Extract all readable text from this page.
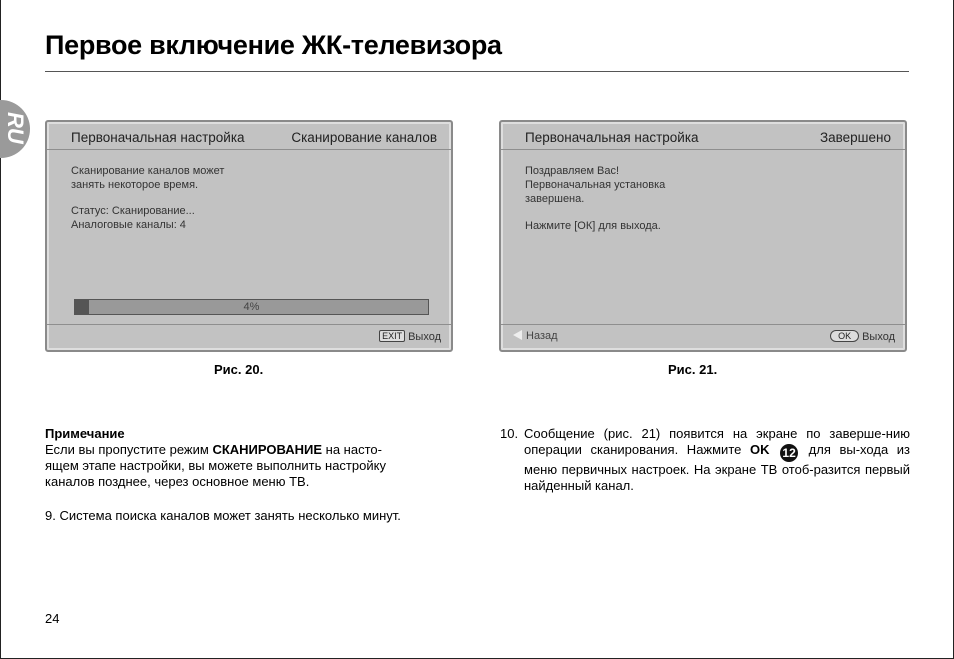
Первое включение ЖК-телевизора
RU	Первоначальная настройка	Сканирование каналов
Сканирование каналов может
занять некоторое время.
Статус: Сканирование...
Аналоговые каналы: 4
4%
EXIT Выход
Первоначальная настройка	Завершено
Поздравляем Вас!
Первоначальная установка
завершена.
Нажмите [ОК] для выхода.
Назад	OK Выход
Рис. 20.	Рис. 21.

Примечание

Если вы пропустите режим СКАНИРОВАНИЕ на насто-

ящем этапе настройки, вы можете выполнить настройку

каналов позднее, через основное меню ТВ.

9. Система поиска каналов может занять несколько минут.
10. Сообщение (рис. 21) появится на экране по заверше-нию операции сканирования. Нажмите OK 12 для вы-хода из меню первичных настроек. На экране ТВ отоб-разится первый найденный канал.
24
